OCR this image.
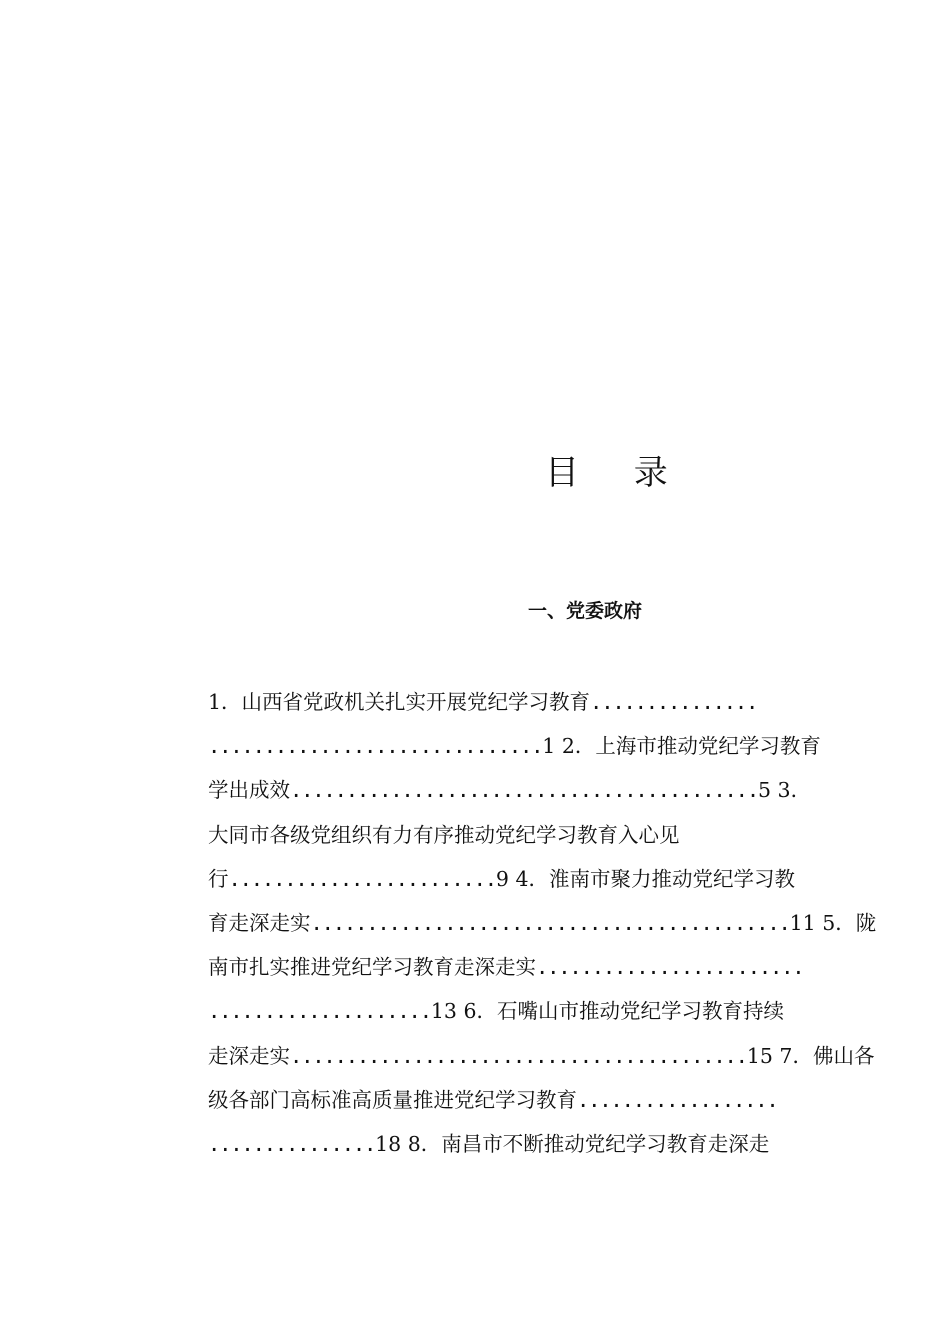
目 录
一、党委政府
1．山西省党政机关扎实开展党纪学习教育...............
..............................1 2．上海市推动党纪学习教育
学出成效..........................................5 3．
大同市各级党组织有力有序推动党纪学习教育入心见
行........................9 4．淮南市聚力推动党纪学习教
育走深走实...........................................11 5．陇
南市扎实推进党纪学习教育走深走实........................
....................13 6．石嘴山市推动党纪学习教育持续
走深走实.........................................15 7．佛山各
级各部门高标准高质量推进党纪学习教育..................
...............18 8．南昌市不断推动党纪学习教育走深走
